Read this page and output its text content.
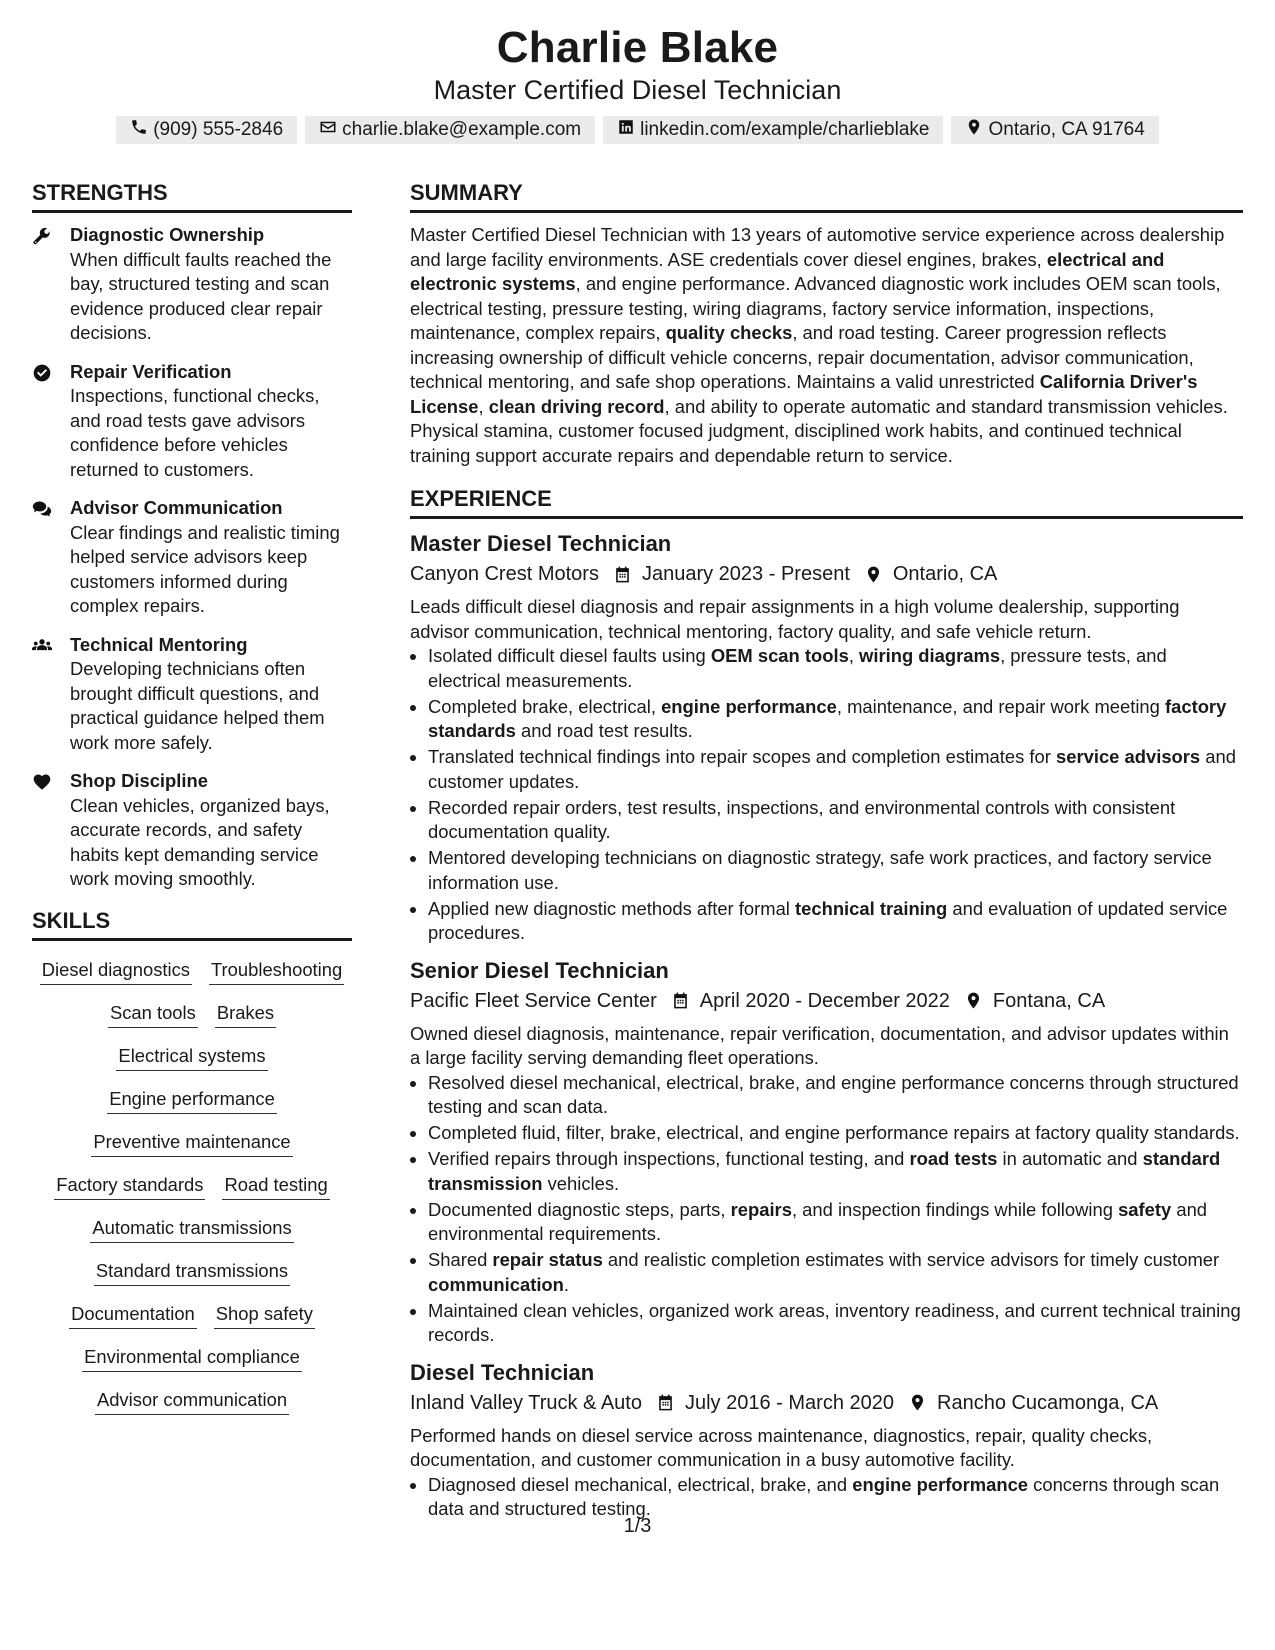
Charlie Blake
Master Certified Diesel Technician
(909) 555-2846	charlie.blake@example.com	linkedin.com/example/charlieblake	Ontario, CA 91764
STRENGTHS
Diagnostic Ownership
When difficult faults reached the bay, structured testing and scan evidence produced clear repair decisions.
Repair Verification
Inspections, functional checks, and road tests gave advisors confidence before vehicles returned to customers.
Advisor Communication
Clear findings and realistic timing helped service advisors keep customers informed during complex repairs.
Technical Mentoring
Developing technicians often brought difficult questions, and practical guidance helped them work more safely.
Shop Discipline
Clean vehicles, organized bays, accurate records, and safety habits kept demanding service work moving smoothly.
SKILLS
Diesel diagnostics Troubleshooting
Scan tools Brakes
Electrical systems
Engine performance
Preventive maintenance
Factory standards Road testing
Automatic transmissions
Standard transmissions
Documentation Shop safety
Environmental compliance
Advisor communication
SUMMARY
Master Certified Diesel Technician with 13 years of automotive service experience across dealership and large facility environments. ASE credentials cover diesel engines, brakes, electrical and electronic systems, and engine performance. Advanced diagnostic work includes OEM scan tools, electrical testing, pressure testing, wiring diagrams, factory service information, inspections, maintenance, complex repairs, quality checks, and road testing. Career progression reflects increasing ownership of difficult vehicle concerns, repair documentation, advisor communication, technical mentoring, and safe shop operations. Maintains a valid unrestricted California Driver's License, clean driving record, and ability to operate automatic and standard transmission vehicles. Physical stamina, customer focused judgment, disciplined work habits, and continued technical training support accurate repairs and dependable return to service.
EXPERIENCE
Master Diesel Technician
Canyon Crest Motors January 2023 - Present Ontario, CA
Leads difficult diesel diagnosis and repair assignments in a high volume dealership, supporting advisor communication, technical mentoring, factory quality, and safe vehicle return.
• Isolated difficult diesel faults using OEM scan tools, wiring diagrams, pressure tests, and electrical measurements.
• Completed brake, electrical, engine performance, maintenance, and repair work meeting factory standards and road test results.
• Translated technical findings into repair scopes and completion estimates for service advisors and customer updates.
• Recorded repair orders, test results, inspections, and environmental controls with consistent documentation quality.
• Mentored developing technicians on diagnostic strategy, safe work practices, and factory service information use.
• Applied new diagnostic methods after formal technical training and evaluation of updated service procedures.
Senior Diesel Technician
Pacific Fleet Service Center April 2020 - December 2022 Fontana, CA
Owned diesel diagnosis, maintenance, repair verification, documentation, and advisor updates within a large facility serving demanding fleet operations.
• Resolved diesel mechanical, electrical, brake, and engine performance concerns through structured testing and scan data.
• Completed fluid, filter, brake, electrical, and engine performance repairs at factory quality standards.
• Verified repairs through inspections, functional testing, and road tests in automatic and standard transmission vehicles.
• Documented diagnostic steps, parts, repairs, and inspection findings while following safety and environmental requirements.
• Shared repair status and realistic completion estimates with service advisors for timely customer communication.
• Maintained clean vehicles, organized work areas, inventory readiness, and current technical training records.
Diesel Technician
Inland Valley Truck & Auto July 2016 - March 2020 Rancho Cucamonga, CA
Performed hands on diesel service across maintenance, diagnostics, repair, quality checks, documentation, and customer communication in a busy automotive facility.
• Diagnosed diesel mechanical, electrical, brake, and engine performance concerns through scan data and structured testing.
1/3
